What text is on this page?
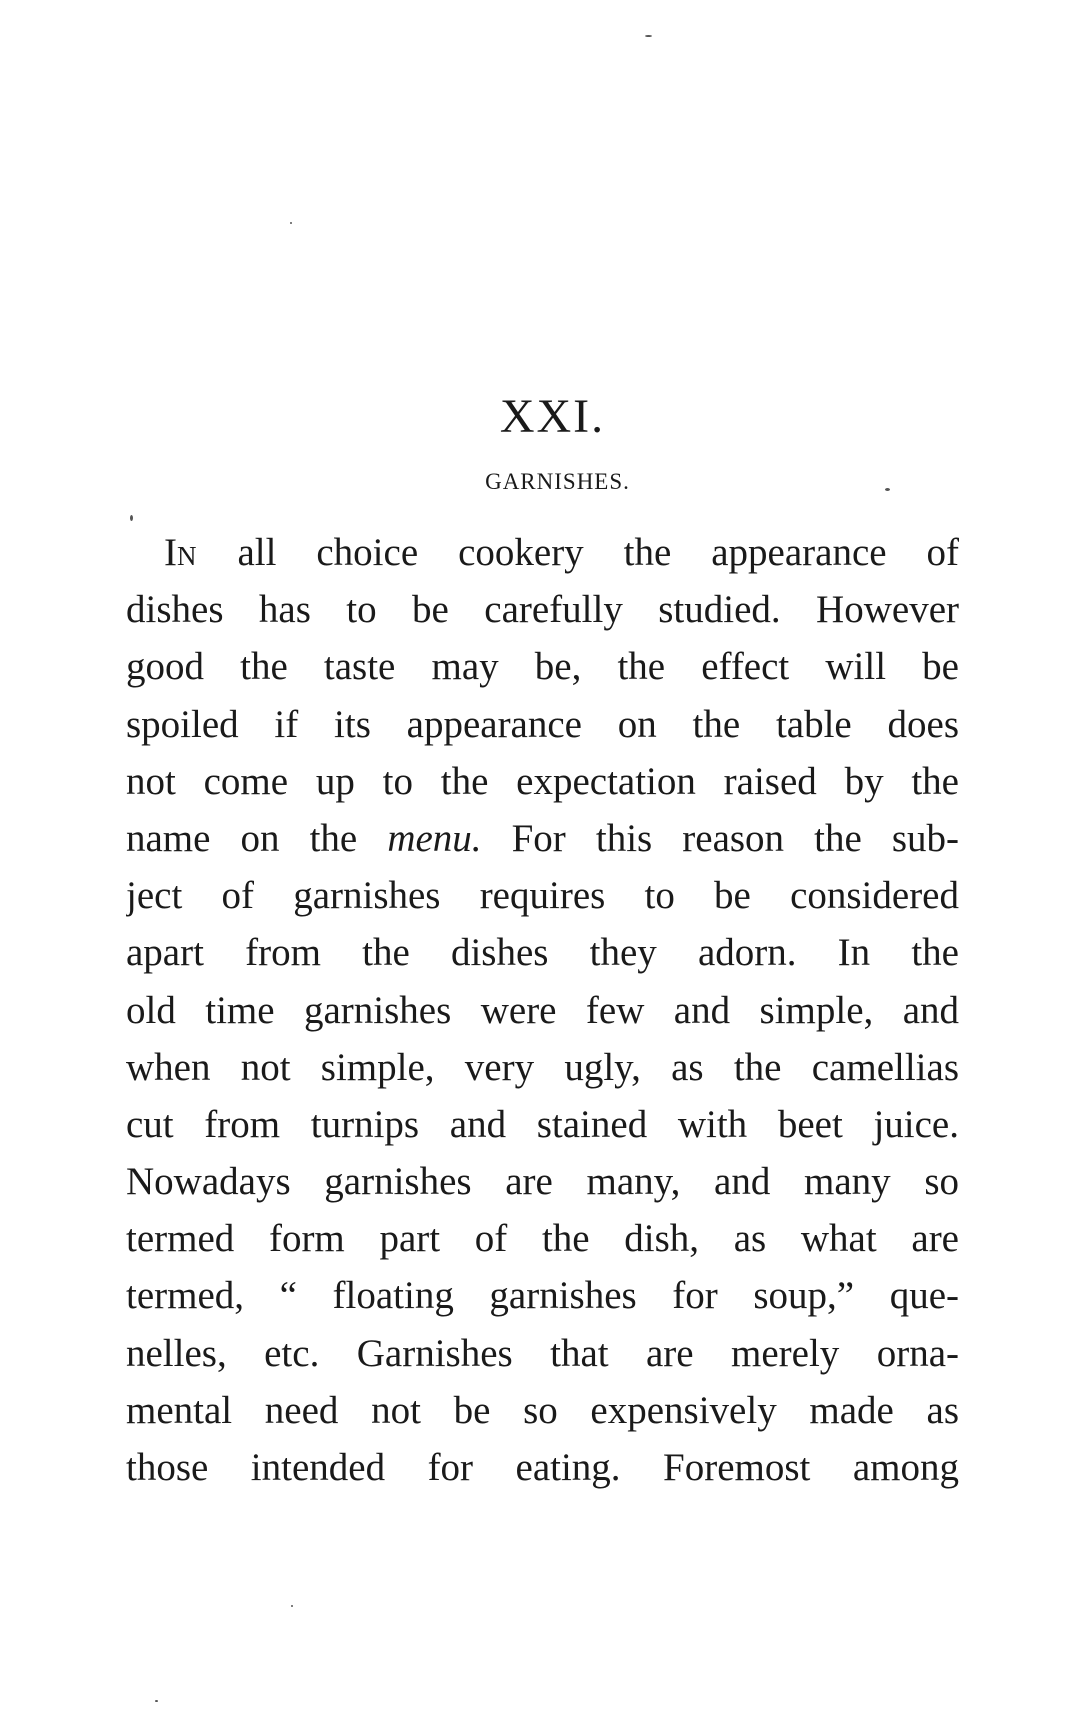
XXI.
GARNISHES.
IN all choice cookery the appearance of
dishes has to be carefully studied. However
good the taste may be, the effect will be
spoiled if its appearance on the table does
not come up to the expectation raised by the
name on the menu. For this reason the sub-
ject of garnishes requires to be considered
apart from the dishes they adorn. In the
old time garnishes were few and simple, and
when not simple, very ugly, as the camellias
cut from turnips and stained with beet juice.
Nowadays garnishes are many, and many so
termed form part of the dish, as what are
termed, “ floating garnishes for soup,” que-
nelles, etc. Garnishes that are merely orna-
mental need not be so expensively made as
those intended for eating. Foremost among
